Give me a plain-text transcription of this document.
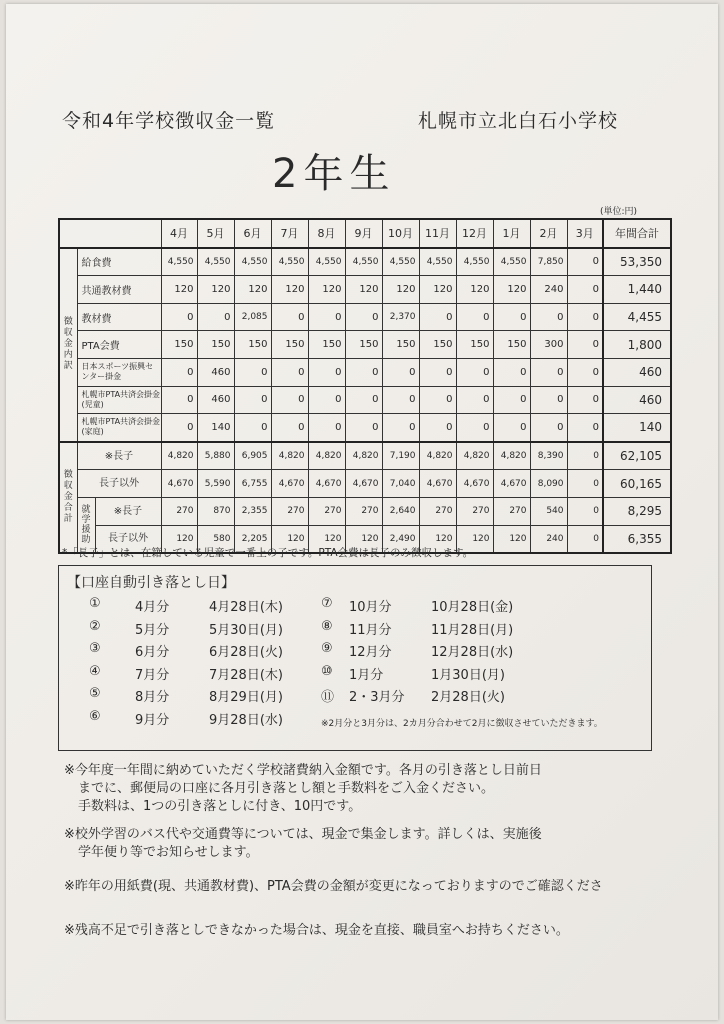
令和4年学校徴収金一覧	札幌市立北白石小学校
2年生
(単位:円)
			4月	5月	6月	7月	8月	9月	10月	11月	12月	1月	2月	3月	年間合計
徴収金内訳	給食費		4,550	4,550	4,550	4,550	4,550	4,550	4,550	4,550	4,550	4,550	7,850	0	53,350
	共通教材費		120	120	120	120	120	120	120	120	120	120	240	0	1,440
	教材費		0	0	2,085	0	0	0	2,370	0	0	0	0	0	4,455
	PTA会費		150	150	150	150	150	150	150	150	150	150	300	0	1,800
	日本スポーツ振興センター掛金		0	460	0	0	0	0	0	0	0	0	0	0	460
	札幌市PTA共済会掛金(児童)		0	460	0	0	0	0	0	0	0	0	0	0	460
	札幌市PTA共済会掛金(家庭)		0	140	0	0	0	0	0	0	0	0	0	0	140
徴収金合計	※長子		4,820	5,880	6,905	4,820	4,820	4,820	7,190	4,820	4,820	4,820	8,390	0	62,105
	長子以外		4,670	5,590	6,755	4,670	4,670	4,670	7,040	4,670	4,670	4,670	8,090	0	60,165
	就学援助	※長子	270	870	2,355	270	270	270	2,640	270	270	270	540	0	8,295
		長子以外	120	580	2,205	120	120	120	2,490	120	120	120	240	0	6,355
*「長子」とは、在籍している児童で一番上の子です。PTA会費は長子のみ徴収します。
【口座自動引き落とし日】
①	4月分	4月28日(木)
②	5月分	5月30日(月)
③	6月分	6月28日(火)
④	7月分	7月28日(木)
⑤	8月分	8月29日(月)
⑥	9月分	9月28日(水)
⑦ 10月分	10月28日(金)
⑧ 11月分	11月28日(月)
⑨ 12月分	12月28日(水)
⑩ 1月分	1月30日(月)
⑪ 2・3月分 2月28日(火)
※2月分と3月分は、2カ月分合わせて2月に徴収させていただきます。
※今年度一年間に納めていただく学校諸費納入金額です。各月の引き落とし日前日
までに、郵便局の口座に各月引き落とし額と手数料をご入金ください。
手数料は、1つの引き落としに付き、10円です。
※校外学習のバス代や交通費等については、現金で集金します。詳しくは、実施後
学年便り等でお知らせします。
※昨年の用紙費(現、共通教材費)、PTA会費の金額が変更になっておりますのでご確認くださ
※残高不足で引き落としできなかった場合は、現金を直接、職員室へお持ちください。
